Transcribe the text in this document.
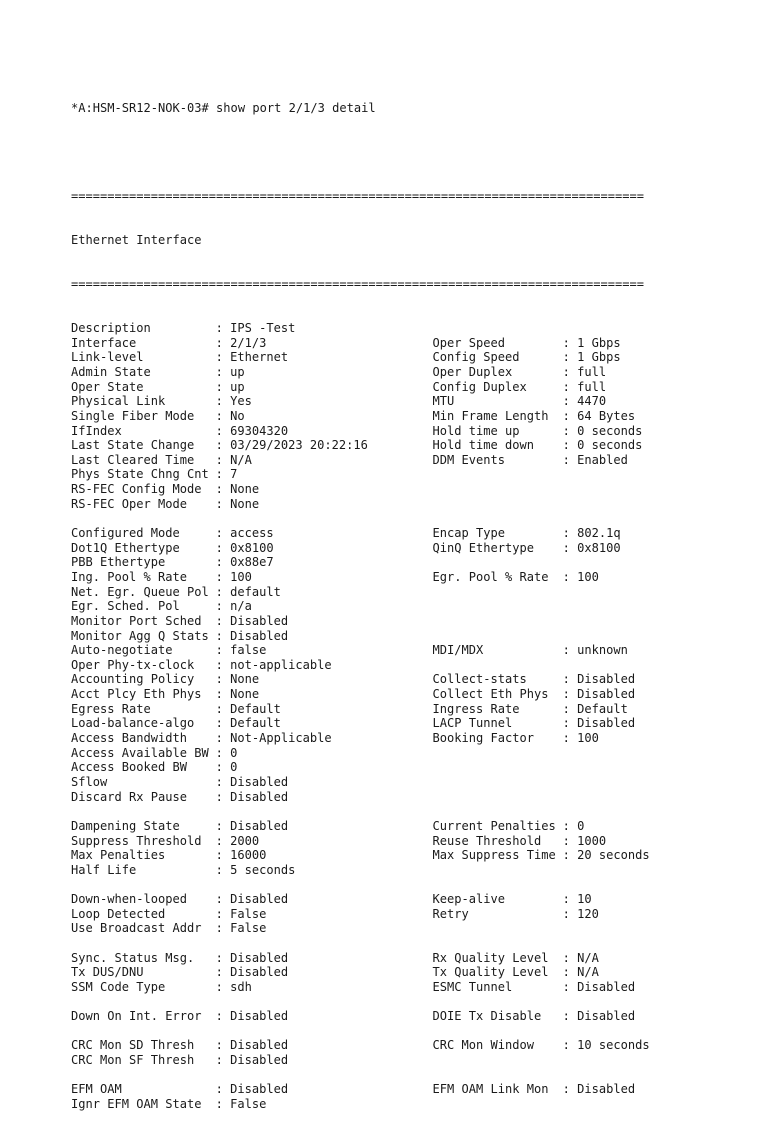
*A:HSM-SR12-NOK-03# show port 2/1/3 detail

===============================================================================

Ethernet Interface

===============================================================================

Description	: IPS -Test
Interface	: 2/1/3	Oper Speed	: 1 Gbps
Link-level	: Ethernet	Config Speed	: 1 Gbps
Admin State	: up	Oper Duplex	: full
Oper State	: up	Config Duplex	: full
Physical Link	: Yes	MTU	: 4470
Single Fiber Mode : No	Min Frame Length : 64 Bytes
IfIndex	: 69304320	Hold time up	: 0 seconds
Last State Change : 03/29/2023 20:22:16	Hold time down : 0 seconds
Last Cleared Time : N/A	DDM Events	: Enabled
Phys State Chng Cnt : 7
RS-FEC Config Mode : None
RS-FEC Oper Mode : None
Configured Mode	: access	Encap Type	: 802.1q
Dot1Q Ethertype	: 0x8100	QinQ Ethertype : 0x8100
PBB Ethertype	: 0x88e7
Ing. Pool % Rate : 100	Egr. Pool % Rate : 100
Net. Egr. Queue Pol : default
Egr. Sched. Pol	: n/a
Monitor Port Sched : Disabled
Monitor Agg Q Stats : Disabled
Auto-negotiate	: false	MDI/MDX	: unknown
Oper Phy-tx-clock : not-applicable
Accounting Policy : None	Collect-stats	: Disabled
Acct Plcy Eth Phys : None	Collect Eth Phys : Disabled
Egress Rate	: Default	Ingress Rate	: Default
Load-balance-algo : Default	LACP Tunnel	: Disabled
Access Bandwidth : Not-Applicable	Booking Factor : 100
Access Available BW : 0
Access Booked BW : 0
Sflow	: Disabled
Discard Rx Pause : Disabled
Dampening State	: Disabled	Current Penalties : 0
Suppress Threshold : 2000	Reuse Threshold : 1000
Max Penalties	: 16000	Max Suppress Time : 20 seconds
Half Life	: 5 seconds
Down-when-looped : Disabled	Keep-alive	: 10
Loop Detected	: False	Retry	: 120
Use Broadcast Addr : False
Sync. Status Msg. : Disabled	Rx Quality Level : N/A
Tx DUS/DNU	: Disabled	Tx Quality Level : N/A
SSM Code Type	: sdh	ESMC Tunnel	: Disabled
Down On Int. Error : Disabled	DOIE Tx Disable : Disabled
CRC Mon SD Thresh : Disabled	CRC Mon Window : 10 seconds
CRC Mon SF Thresh : Disabled
EFM OAM	: Disabled	EFM OAM Link Mon : Disabled
Ignr EFM OAM State : False
